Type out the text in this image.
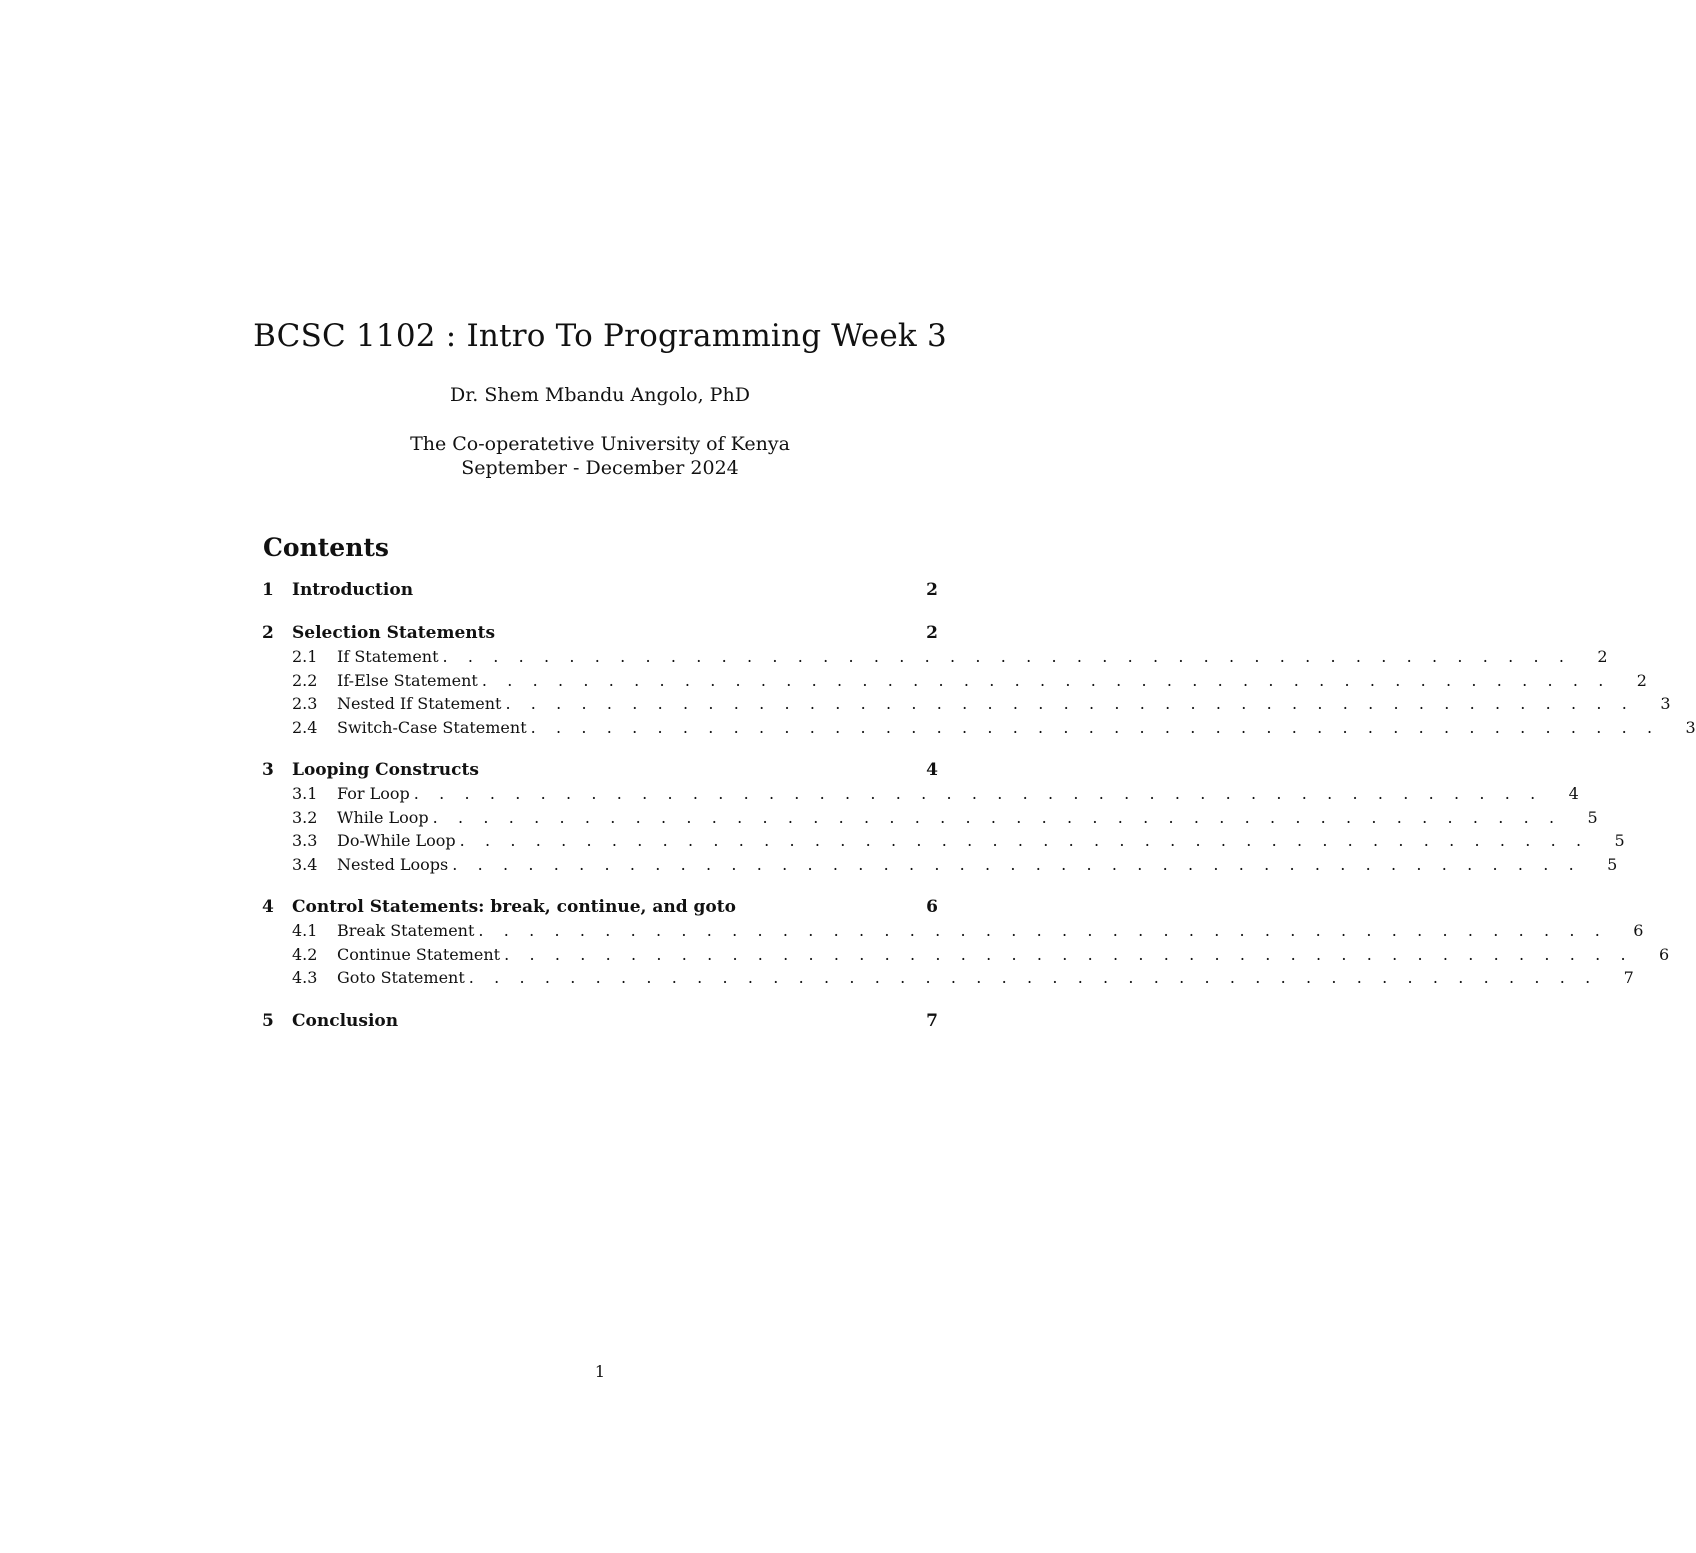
BCSC 1102 : Intro To Programming Week 3
Dr. Shem Mbandu Angolo, PhD
The Co-operatetive University of Kenya
September - December 2024
Contents
1	Introduction	2
2	Selection Statements	2
2.1	If Statement . . . . . . . . . . . . . . . . . . . . . . . . . . . . . . . . . . . . . . . . . . . . .	2
2.2	If-Else Statement . . . . . . . . . . . . . . . . . . . . . . . . . . . . . . . . . . . . . . . . . . . . .	2
2.3	Nested If Statement . . . . . . . . . . . . . . . . . . . . . . . . . . . . . . . . . . . . . . . . . . . . .	3
2.4	Switch-Case Statement . . . . . . . . . . . . . . . . . . . . . . . . . . . . . . . . . . . . . . . . . . . . .	3
3	Looping Constructs	4
3.1	For Loop . . . . . . . . . . . . . . . . . . . . . . . . . . . . . . . . . . . . . . . . . . . . .	4
3.2	While Loop . . . . . . . . . . . . . . . . . . . . . . . . . . . . . . . . . . . . . . . . . . . . .	5
3.3	Do-While Loop . . . . . . . . . . . . . . . . . . . . . . . . . . . . . . . . . . . . . . . . . . . . .	5
3.4	Nested Loops . . . . . . . . . . . . . . . . . . . . . . . . . . . . . . . . . . . . . . . . . . . . .	5
4	Control Statements: break, continue, and goto	6
4.1	Break Statement . . . . . . . . . . . . . . . . . . . . . . . . . . . . . . . . . . . . . . . . . . . . .	6
4.2	Continue Statement . . . . . . . . . . . . . . . . . . . . . . . . . . . . . . . . . . . . . . . . . . . . .	6
4.3	Goto Statement . . . . . . . . . . . . . . . . . . . . . . . . . . . . . . . . . . . . . . . . . . . . .	7
5	Conclusion	7
1
